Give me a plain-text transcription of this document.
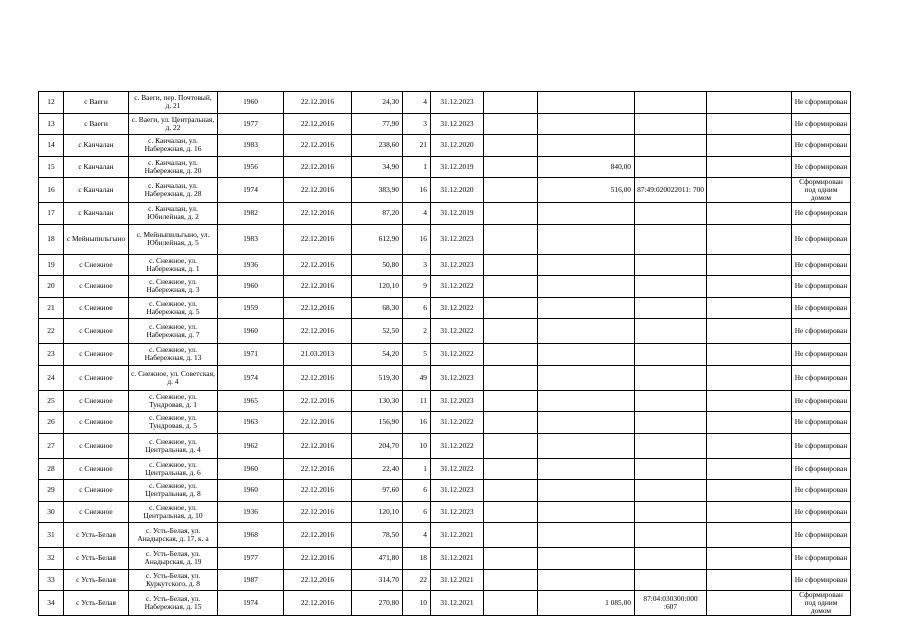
12	с Ваеги	с. Ваеги, пер. Почтовый, д. 21	1960	22.12.2016	24,30	4	31.12.2023					Не сформирован
13	с Ваеги	с. Ваеги, ул. Центральная, д. 22	1977	22.12.2016	77,90	3	31.12.2023					Не сформирован
14	с Канчалан	с. Канчалан, ул. Набережная, д. 16	1983	22.12.2016	238,60	21	31.12.2020					Не сформирован
15	с Канчалан	с. Канчалан, ул. Набережная, д. 20	1956	22.12.2016	34,90	1	31.12.2019		840,00			Не сформирован
16	с Канчалан	с. Канчалан, ул. Набережная, д. 28	1974	22.12.2016	383,90	16	31.12.2020		516,00	87:49:020022011: 700		Сформирован под одним домом
17	с Канчалан	с. Канчалан, ул. Юбилейная, д. 2	1982	22.12.2016	87,20	4	31.12.2019					Не сформирован
18	с Мейныпильгыно	с. Мейныпильгыно, ул. Юбилейная, д. 5	1983	22.12.2016	612,90	16	31.12.2023					Не сформирован
19	с Снежное	с. Снежное, ул. Набережная, д. 1	1936	22.12.2016	50,80	3	31.12.2023					Не сформирован
20	с Снежное	с. Снежное, ул. Набережная, д. 3	1960	22.12.2016	120,10	9	31.12.2022					Не сформирован
21	с Снежное	с. Снежное, ул. Набережная, д. 5	1959	22.12.2016	68,30	6	31.12.2022					Не сформирован
22	с Снежное	с. Снежное, ул. Набережная, д. 7	1960	22.12.2016	52,50	2	31.12.2022					Не сформирован
23	с Снежное	с. Снежное, ул. Набережная, д. 13	1971	21.03.2013	54,20	5	31.12.2022					Не сформирован
24	с Снежное	с. Снежное, ул. Советская, д. 4	1974	22.12.2016	519,30	49	31.12.2023					Не сформирован
25	с Снежное	с. Снежное, ул. Тундровая, д. 1	1965	22.12.2016	130,30	11	31.12.2023					Не сформирован
26	с Снежное	с. Снежное, ул. Тундровая, д. 5	1963	22.12.2016	156,90	16	31.12.2022					Не сформирован
27	с Снежное	с. Снежное, ул. Центральная, д. 4	1962	22.12.2016	204,70	10	31.12.2022					Не сформирован
28	с Снежное	с. Снежное, ул. Центральная, д. 6	1960	22.12.2016	22,40	1	31.12.2022					Не сформирован
29	с Снежное	с. Снежное, ул. Центральная, д. 8	1960	22.12.2016	97,60	6	31.12.2023					Не сформирован
30	с Снежное	с. Снежное, ул. Центральная, д. 10	1936	22.12.2016	120,10	6	31.12.2023					Не сформирован
31	с Усть-Белая	с. Усть-Белая, ул. Анадырская, д. 17, к. а	1968	22.12.2016	78,50	4	31.12.2021					Не сформирован
32	с Усть-Белая	с. Усть-Белая, ул. Анадырская, д. 19	1977	22.12.2016	471,80	18	31.12.2021					Не сформирован
33	с Усть-Белая	с. Усть-Белая, ул. Куркутского, д. 8	1987	22.12.2016	314,70	22	31.12.2021					Не сформирован
34	с Усть-Белая	с. Усть-Белая, ул. Набережная, д. 15	1974	22.12.2016	270,80	10	31.12.2021		1 085,00	87:04:030300:000 :607		Сформирован под одним домом
